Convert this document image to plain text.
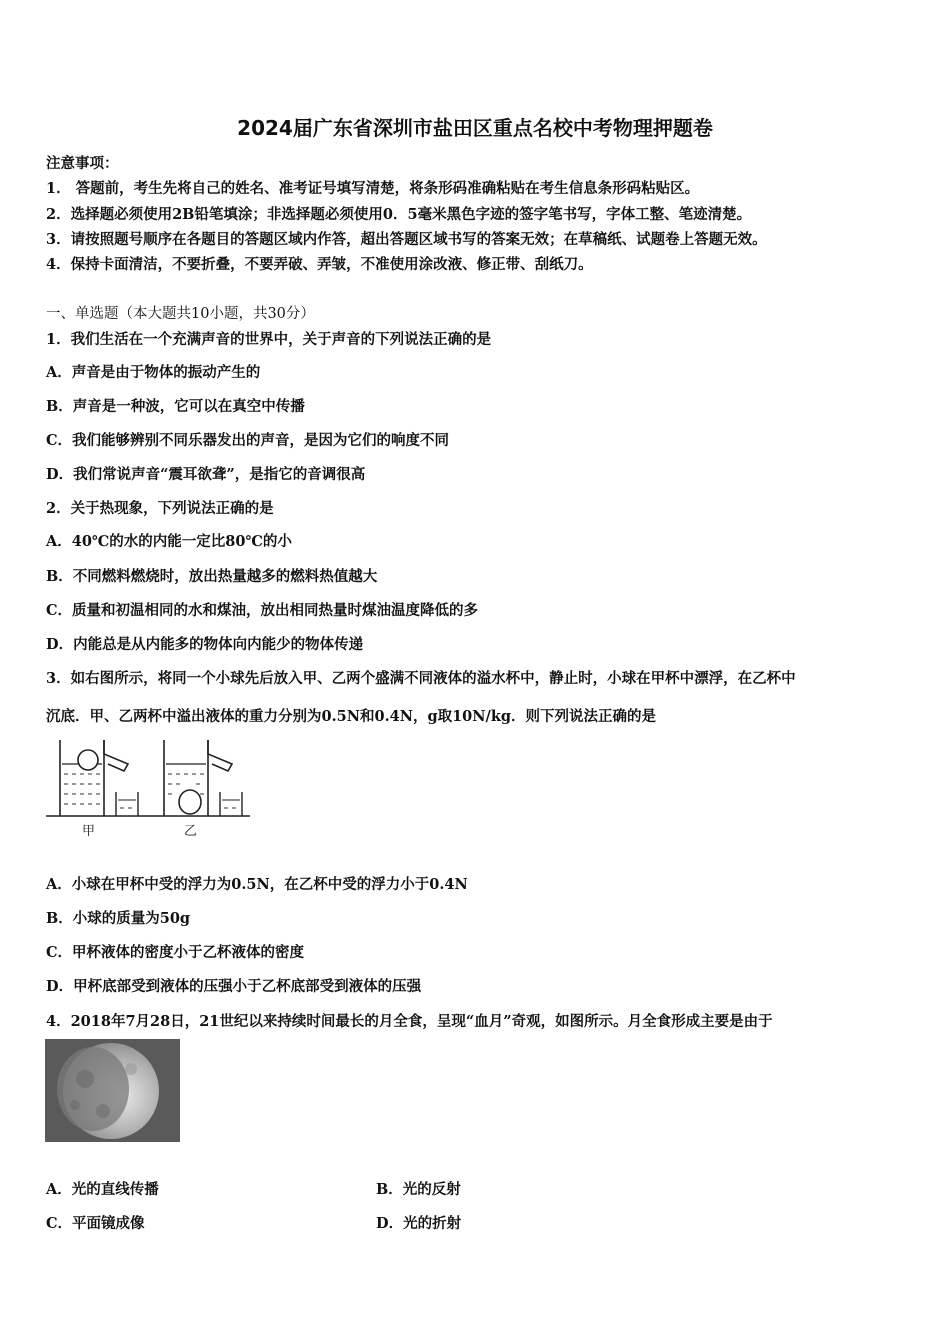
2024届广东省深圳市盐田区重点名校中考物理押题卷
注意事项：
1． 答题前，考生先将自己的姓名、准考证号填写清楚，将条形码准确粘贴在考生信息条形码粘贴区。
2．选择题必须使用2B铅笔填涂；非选择题必须使用0．5毫米黑色字迹的签字笔书写，字体工整、笔迹清楚。
3．请按照题号顺序在各题目的答题区域内作答，超出答题区域书写的答案无效；在草稿纸、试题卷上答题无效。
4．保持卡面清洁，不要折叠，不要弄破、弄皱，不准使用涂改液、修正带、刮纸刀。
一、单选题（本大题共10小题，共30分）
1．我们生活在一个充满声音的世界中，关于声音的下列说法正确的是
A．声音是由于物体的振动产生的
B．声音是一种波，它可以在真空中传播
C．我们能够辨别不同乐器发出的声音，是因为它们的响度不同
D．我们常说声音“震耳欲聋”，是指它的音调很高
2．关于热现象，下列说法正确的是
A．40℃的水的内能一定比80℃的小
B．不同燃料燃烧时，放出热量越多的燃料热值越大
C．质量和初温相同的水和煤油，放出相同热量时煤油温度降低的多
D．内能总是从内能多的物体向内能少的物体传递
3．如右图所示，将同一个小球先后放入甲、乙两个盛满不同液体的溢水杯中，静止时，小球在甲杯中漂浮，在乙杯中
沉底．甲、乙两杯中溢出液体的重力分别为0.5N和0.4N，g取10N/kg．则下列说法正确的是
甲	乙
A．小球在甲杯中受的浮力为0.5N，在乙杯中受的浮力小于0.4N
B．小球的质量为50g
C．甲杯液体的密度小于乙杯液体的密度
D．甲杯底部受到液体的压强小于乙杯底部受到液体的压强
4．2018年7月28日，21世纪以来持续时间最长的月全食，呈现“血月”奇观，如图所示。月全食形成主要是由于
A．光的直线传播	B．光的反射
C．平面镜成像	D．光的折射
